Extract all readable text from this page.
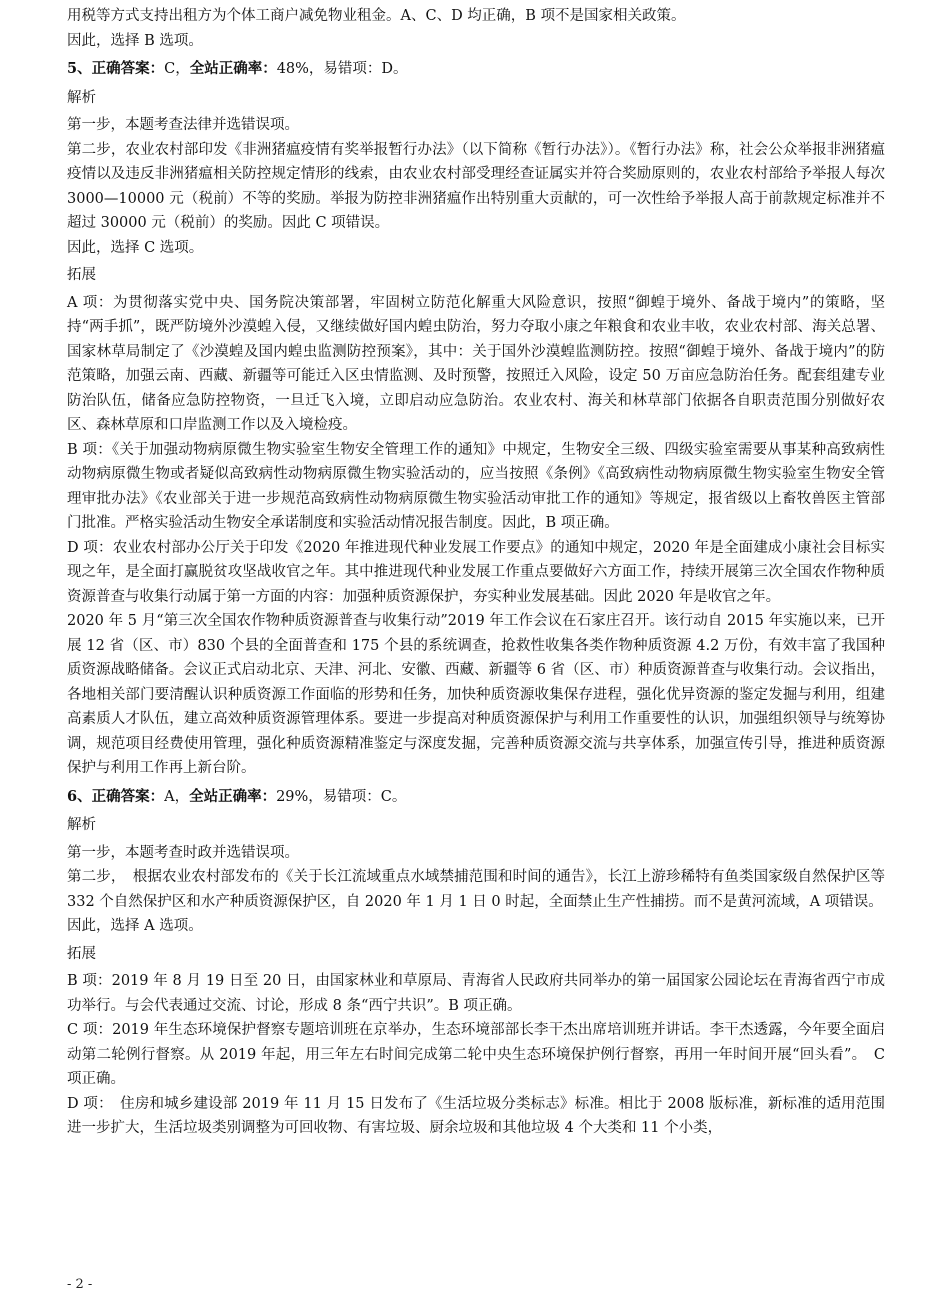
用税等方式支持出租方为个体工商户减免物业租金。A、C、D 均正确，B 项不是国家相关政策。

因此，选择 B 选项。

5、正确答案：C，全站正确率：48%，易错项：D。

解析

第一步，本题考查法律并选错误项。

第二步，农业农村部印发《非洲猪瘟疫情有奖举报暂行办法》（以下简称《暂行办法》）。《暂行办法》称，社会公众举报非洲猪瘟疫情以及违反非洲猪瘟相关防控规定情形的线索，由农业农村部受理经查证属实并符合奖励原则的，农业农村部给予举报人每次 3000—10000 元（税前）不等的奖励。举报为防控非洲猪瘟作出特别重大贡献的，可一次性给予举报人高于前款规定标准并不超过 30000 元（税前）的奖励。因此 C 项错误。

因此，选择 C 选项。

拓展

A 项：为贯彻落实党中央、国务院决策部署，牢固树立防范化解重大风险意识，按照“御蝗于境外、备战于境内”的策略，坚持“两手抓”，既严防境外沙漠蝗入侵，又继续做好国内蝗虫防治，努力夺取小康之年粮食和农业丰收，农业农村部、海关总署、国家林草局制定了《沙漠蝗及国内蝗虫监测防控预案》，其中：关于国外沙漠蝗监测防控。按照“御蝗于境外、备战于境内”的防范策略，加强云南、西藏、新疆等可能迁入区虫情监测、及时预警，按照迁入风险，设定 50 万亩应急防治任务。配套组建专业防治队伍，储备应急防控物资，一旦迁飞入境，立即启动应急防治。农业农村、海关和林草部门依据各自职责范围分别做好农区、森林草原和口岸监测工作以及入境检疫。

B 项：《关于加强动物病原微生物实验室生物安全管理工作的通知》中规定，生物安全三级、四级实验室需要从事某种高致病性动物病原微生物或者疑似高致病性动物病原微生物实验活动的，应当按照《条例》《高致病性动物病原微生物实验室生物安全管理审批办法》《农业部关于进一步规范高致病性动物病原微生物实验活动审批工作的通知》等规定，报省级以上畜牧兽医主管部门批准。严格实验活动生物安全承诺制度和实验活动情况报告制度。因此，B 项正确。

D 项：农业农村部办公厅关于印发《2020 年推进现代种业发展工作要点》的通知中规定，2020 年是全面建成小康社会目标实现之年，是全面打赢脱贫攻坚战收官之年。其中推进现代种业发展工作重点要做好六方面工作，持续开展第三次全国农作物种质资源普查与收集行动属于第一方面的内容：加强种质资源保护，夯实种业发展基础。因此 2020 年是收官之年。

2020 年 5 月“第三次全国农作物种质资源普查与收集行动”2019 年工作会议在石家庄召开。该行动自 2015 年实施以来，已开展 12 省（区、市）830 个县的全面普查和 175 个县的系统调查，抢救性收集各类作物种质资源 4.2 万份，有效丰富了我国种质资源战略储备。会议正式启动北京、天津、河北、安徽、西藏、新疆等 6 省（区、市）种质资源普查与收集行动。会议指出，各地相关部门要清醒认识种质资源工作面临的形势和任务，加快种质资源收集保存进程，强化优异资源的鉴定发掘与利用，组建高素质人才队伍，建立高效种质资源管理体系。要进一步提高对种质资源保护与利用工作重要性的认识，加强组织领导与统筹协调，规范项目经费使用管理，强化种质资源精准鉴定与深度发掘，完善种质资源交流与共享体系，加强宣传引导，推进种质资源保护与利用工作再上新台阶。

6、正确答案：A，全站正确率：29%，易错项：C。

解析

第一步，本题考查时政并选错误项。

第二步，　根据农业农村部发布的《关于长江流域重点水域禁捕范围和时间的通告》，长江上游珍稀特有鱼类国家级自然保护区等 332 个自然保护区和水产种质资源保护区，自 2020 年 1 月 1 日 0 时起，全面禁止生产性捕捞。而不是黄河流域，A 项错误。

因此，选择 A 选项。

拓展

B 项：2019 年 8 月 19 日至 20 日，由国家林业和草原局、青海省人民政府共同举办的第一届国家公园论坛在青海省西宁市成功举行。与会代表通过交流、讨论，形成 8 条“西宁共识”。B 项正确。

C 项：2019 年生态环境保护督察专题培训班在京举办，生态环境部部长李干杰出席培训班并讲话。李干杰透露，今年要全面启动第二轮例行督察。从 2019 年起，用三年左右时间完成第二轮中央生态环境保护例行督察，再用一年时间开展“回头看”。　C 项正确。

D 项：　住房和城乡建设部 2019 年 11 月 15 日发布了《生活垃圾分类标志》标准。相比于 2008 版标准，新标准的适用范围进一步扩大，生活垃圾类别调整为可回收物、有害垃圾、厨余垃圾和其他垃圾 4 个大类和 11 个小类，

- 2 -
